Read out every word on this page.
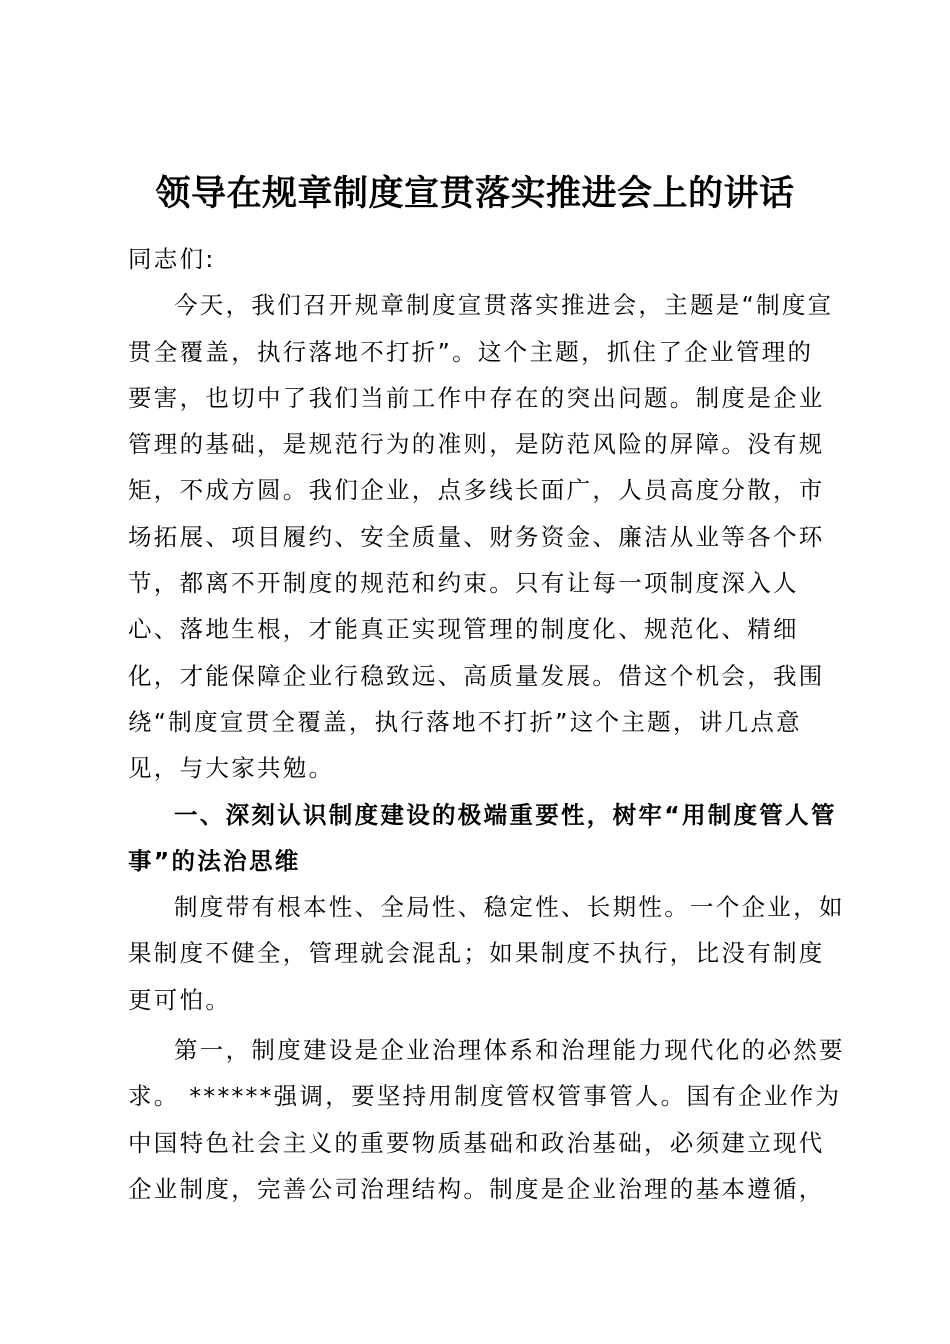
领导在规章制度宣贯落实推进会上的讲话
同志们:
今天，我们召开规章制度宣贯落实推进会，主题是“制度宣
贯全覆盖，执行落地不打折”。这个主题，抓住了企业管理的
要害，也切中了我们当前工作中存在的突出问题。制度是企业
管理的基础，是规范行为的准则，是防范风险的屏障。没有规
矩，不成方圆。我们企业，点多线长面广，人员高度分散，市
场拓展、项目履约、安全质量、财务资金、廉洁从业等各个环
节，都离不开制度的规范和约束。只有让每一项制度深入人
心、落地生根，才能真正实现管理的制度化、规范化、精细
化，才能保障企业行稳致远、高质量发展。借这个机会，我围
绕“制度宣贯全覆盖，执行落地不打折”这个主题，讲几点意
见，与大家共勉。
一、深刻认识制度建设的极端重要性，树牢“用制度管人管
事”的法治思维
制度带有根本性、全局性、稳定性、长期性。一个企业，如
果制度不健全，管理就会混乱；如果制度不执行，比没有制度
更可怕。
第一，制度建设是企业治理体系和治理能力现代化的必然要
求。 ******强调，要坚持用制度管权管事管人。国有企业作为
中国特色社会主义的重要物质基础和政治基础，必须建立现代
企业制度，完善公司治理结构。制度是企业治理的基本遵循，
